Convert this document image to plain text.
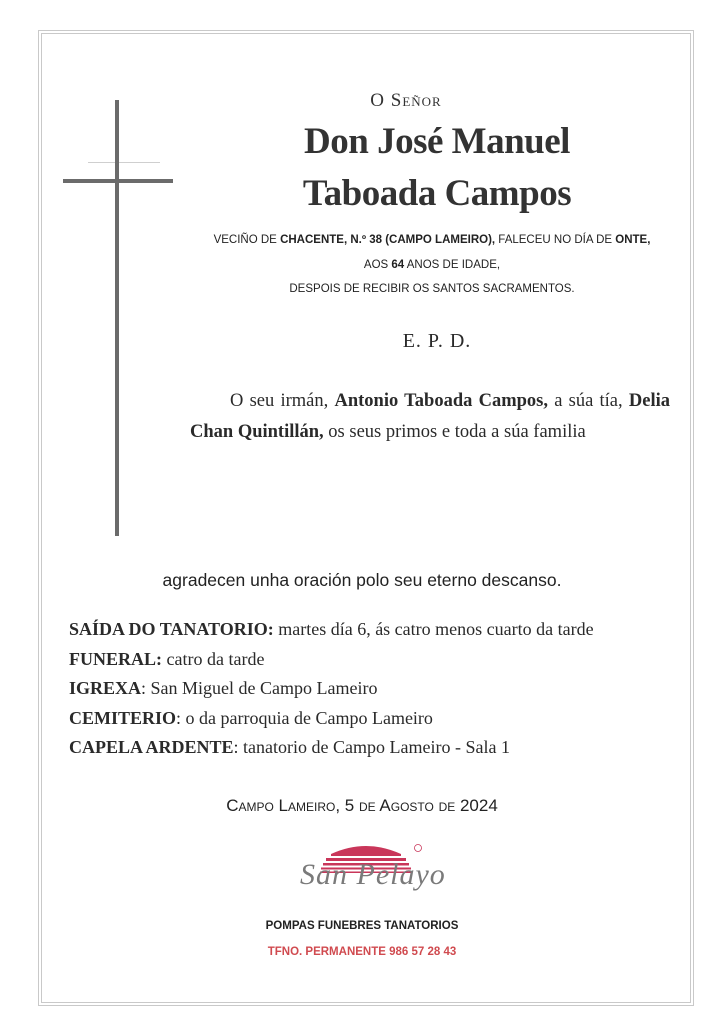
O Señor
Don José Manuel
Taboada Campos
VECIÑO DE CHACENTE, N.º 38 (CAMPO LAMEIRO), FALECEU NO DÍA DE ONTE,
AOS 64 ANOS DE IDADE,
DESPOIS DE RECIBIR OS SANTOS SACRAMENTOS.
E. P. D.
O seu irmán, Antonio Taboada Campos, a súa tía, Delia Chan Quintillán, os seus primos e toda a súa familia
agradecen unha oración polo seu eterno descanso.
SAÍDA DO TANATORIO: martes día 6, ás catro menos cuarto da tarde
FUNERAL: catro da tarde
IGREXA: San Miguel de Campo Lameiro
CEMITERIO: o da parroquia de Campo Lameiro
CAPELA ARDENTE: tanatorio de Campo Lameiro - Sala 1
Campo Lameiro, 5 de Agosto de 2024
San Pelayo
POMPAS FUNEBRES TANATORIOS
TFNO. PERMANENTE 986 57 28 43
